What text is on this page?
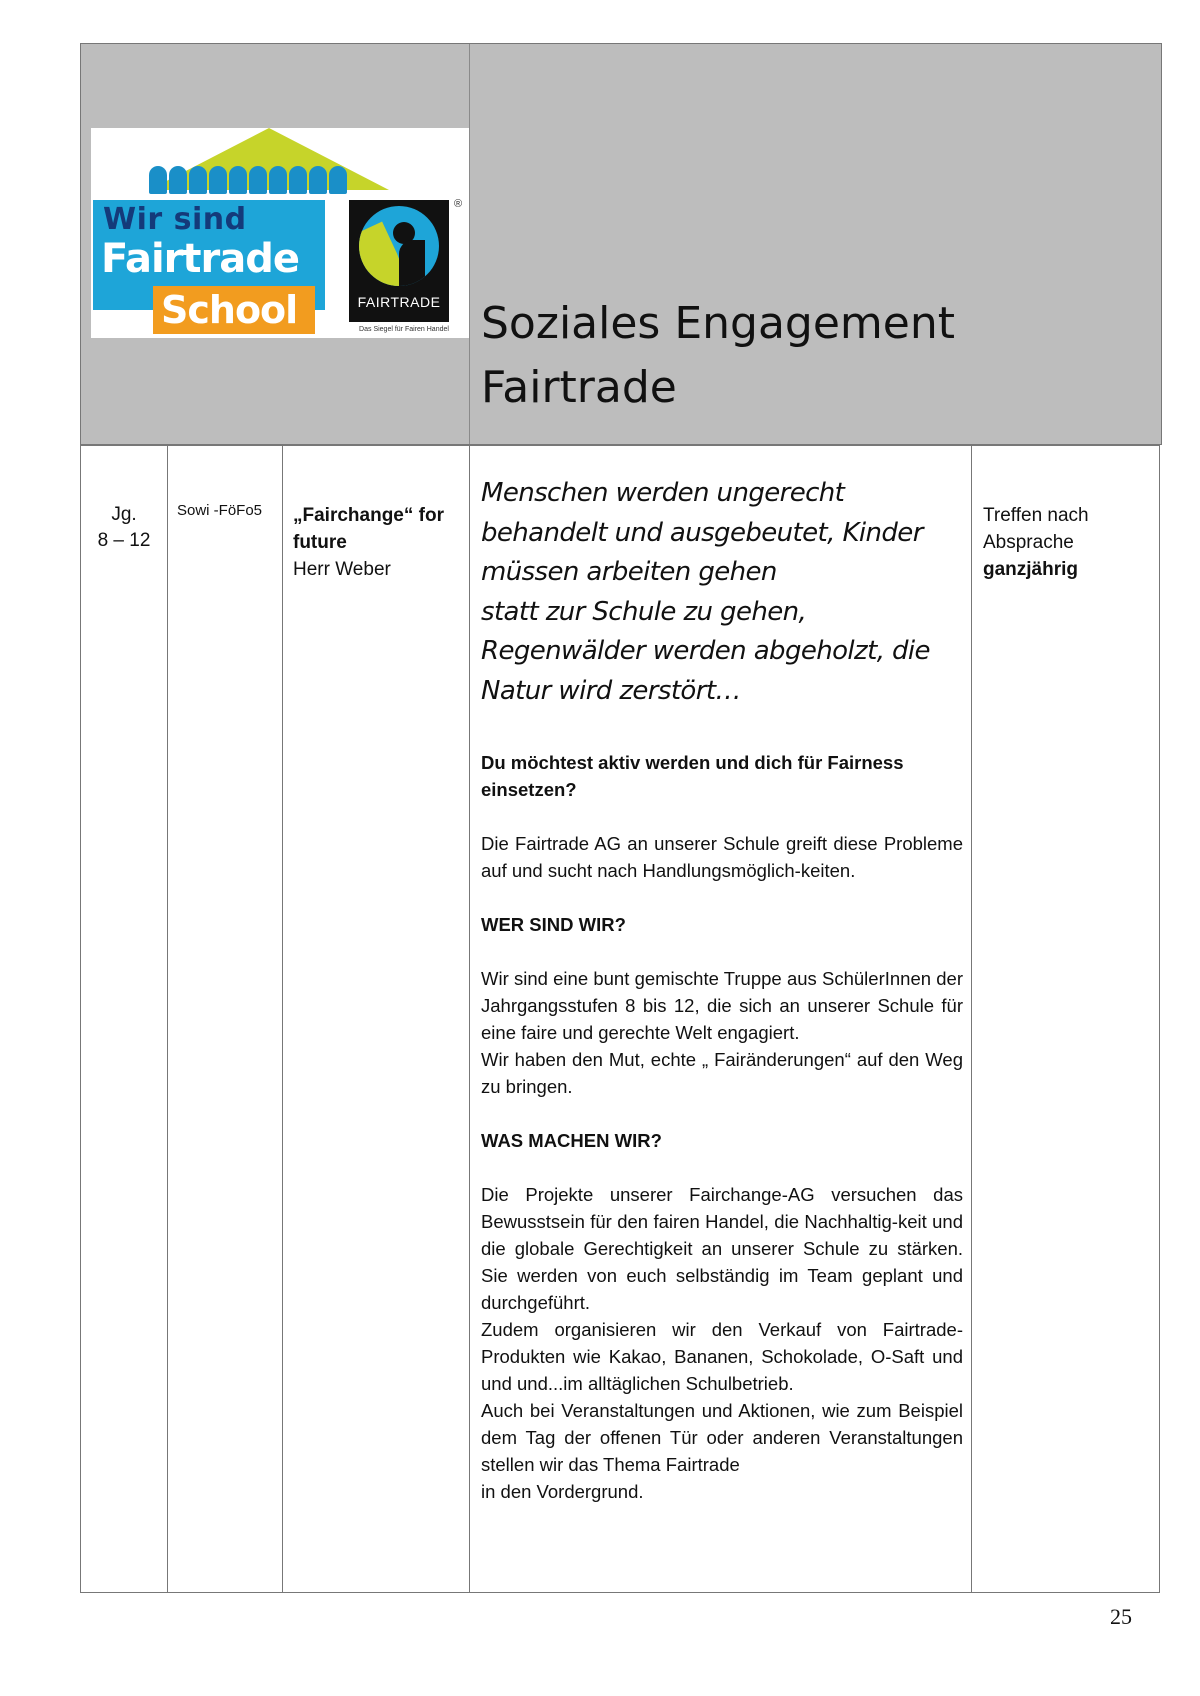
Wir sind
Fairtrade
School	FAIRTRADE
®
Das Siegel für Fairen Handel Soziales Engagement
Fairtrade
Jg.
8 – 12
Sowi -FöFo5 „Fairchange“ for
future
Herr Weber
Menschen werden ungerecht
behandelt und ausgebeutet, Kinder
müssen arbeiten gehen
statt zur Schule zu gehen,
Regenwälder werden abgeholzt, die
Natur wird zerstört…
Du möchtest aktiv werden und dich für Fairness einsetzen?
Die Fairtrade AG an unserer Schule greift diese Probleme auf und sucht nach Handlungsmöglich-keiten.
WER SIND WIR?
Wir sind eine bunt gemischte Truppe aus SchülerInnen der Jahrgangsstufen 8 bis 12, die sich an unserer Schule für eine faire und gerechte Welt engagiert.
Wir haben den Mut, echte „ Fairänderungen“ auf den Weg zu bringen.
WAS MACHEN WIR?
Die Projekte unserer Fairchange-AG versuchen das Bewusstsein für den fairen Handel, die Nachhaltig-keit und die globale Gerechtigkeit an unserer Schule zu stärken. Sie werden von euch selbständig im Team geplant und durchgeführt.
Zudem organisieren wir den Verkauf von Fairtrade-Produkten wie Kakao, Bananen, Schokolade, O-Saft und und und...im alltäglichen Schulbetrieb.
Auch bei Veranstaltungen und Aktionen, wie zum Beispiel dem Tag der offenen Tür oder anderen Veranstaltungen stellen wir das Thema Fairtrade
in den Vordergrund.
Treffen nach
Absprache
ganzjährig
25
